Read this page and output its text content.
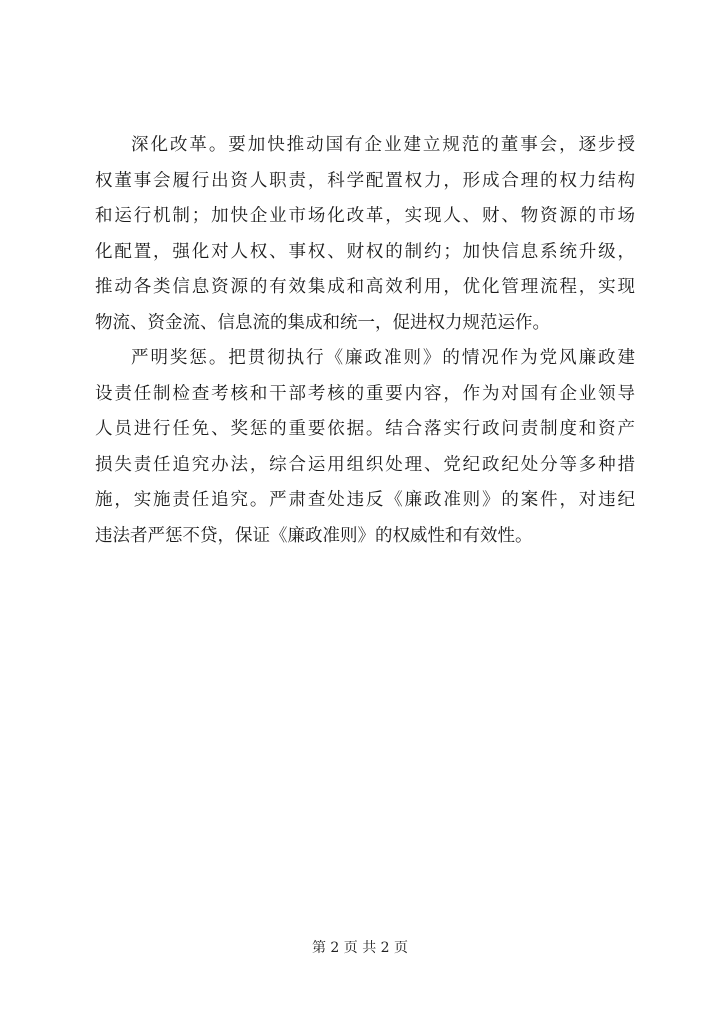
深化改革。要加快推动国有企业建立规范的董事会，逐步授
权董事会履行出资人职责，科学配置权力，形成合理的权力结构
和运行机制；加快企业市场化改革，实现人、财、物资源的市场
化配置，强化对人权、事权、财权的制约；加快信息系统升级，
推动各类信息资源的有效集成和高效利用，优化管理流程，实现
物流、资金流、信息流的集成和统一，促进权力规范运作。
严明奖惩。把贯彻执行《廉政准则》的情况作为党风廉政建
设责任制检查考核和干部考核的重要内容，作为对国有企业领导
人员进行任免、奖惩的重要依据。结合落实行政问责制度和资产
损失责任追究办法，综合运用组织处理、党纪政纪处分等多种措
施，实施责任追究。严肃查处违反《廉政准则》的案件，对违纪
违法者严惩不贷，保证《廉政准则》的权威性和有效性。
第 2 页 共 2 页
